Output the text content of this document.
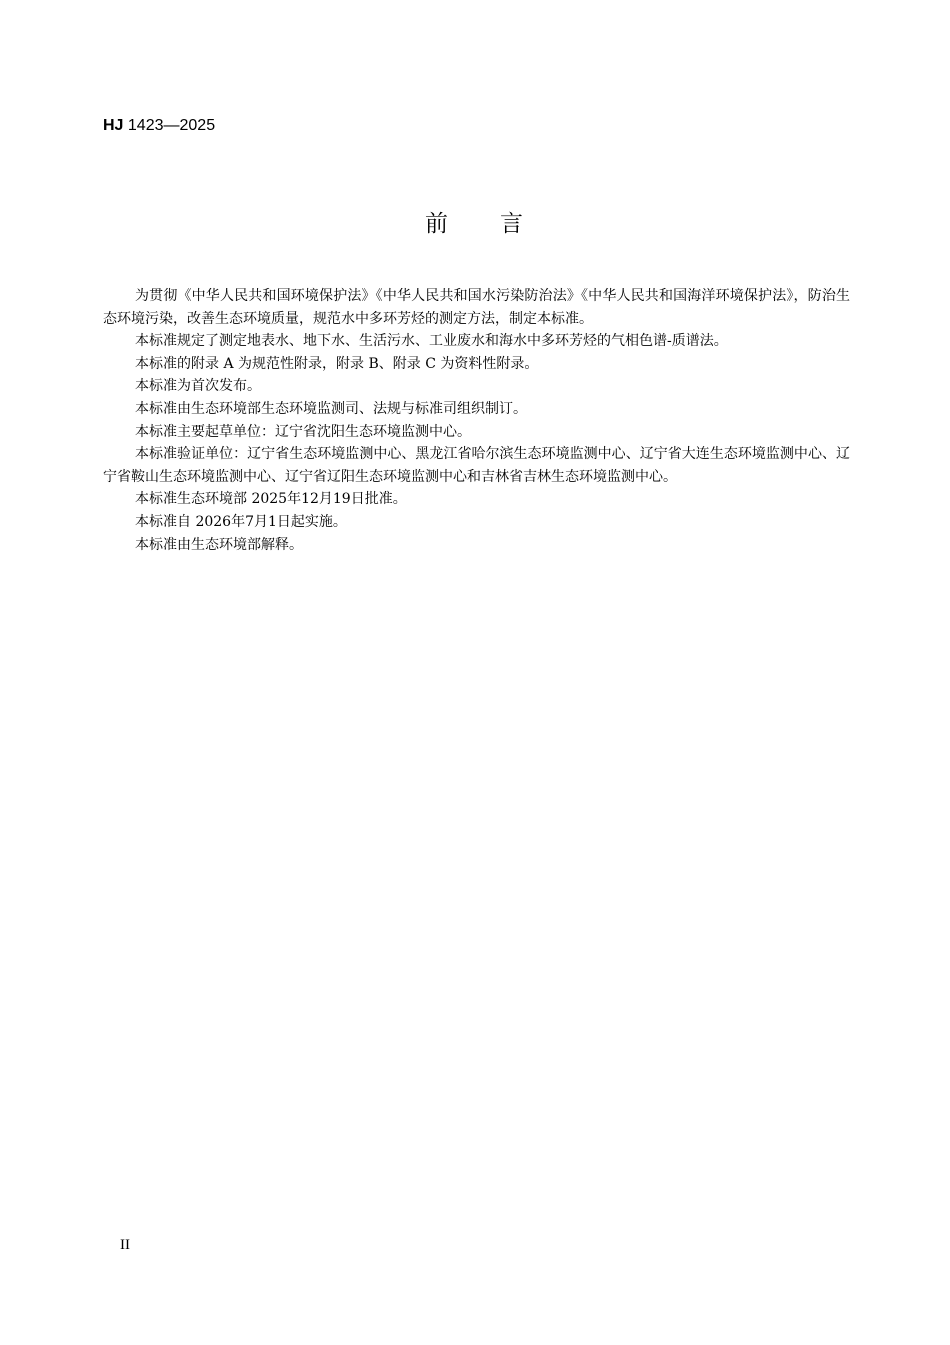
HJ 1423—2025
前 言

为贯彻《中华人民共和国环境保护法》《中华人民共和国水污染防治法》《中华人民共和国海洋环境保护法》，防治生态环境污染，改善生态环境质量，规范水中多环芳烃的测定方法，制定本标准。

本标准规定了测定地表水、地下水、生活污水、工业废水和海水中多环芳烃的气相色谱-质谱法。

本标准的附录 A 为规范性附录，附录 B、附录 C 为资料性附录。

本标准为首次发布。

本标准由生态环境部生态环境监测司、法规与标准司组织制订。

本标准主要起草单位：辽宁省沈阳生态环境监测中心。

本标准验证单位：辽宁省生态环境监测中心、黑龙江省哈尔滨生态环境监测中心、辽宁省大连生态环境监测中心、辽宁省鞍山生态环境监测中心、辽宁省辽阳生态环境监测中心和吉林省吉林生态环境监测中心。

本标准生态环境部 2025年12月19日批准。

本标准自 2026年7月1日起实施。

本标准由生态环境部解释。

II
